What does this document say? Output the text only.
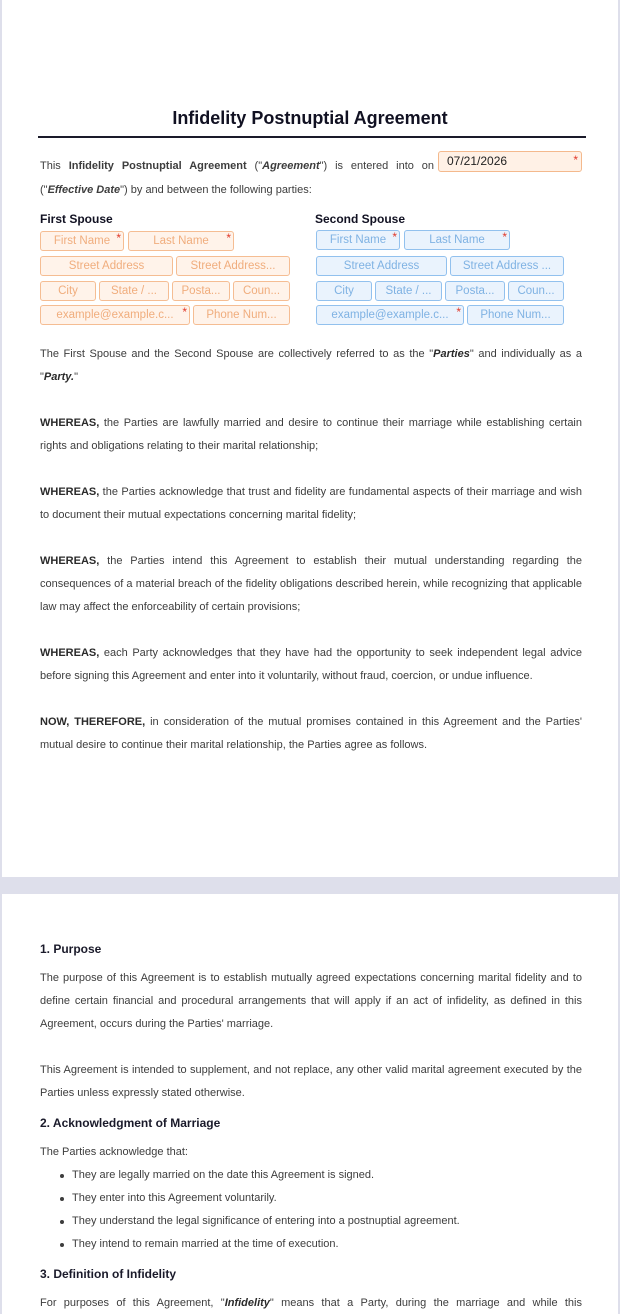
Infidelity Postnuptial Agreement
This Infidelity Postnuptial Agreement ("Agreement") is entered into on	07/21/2026	*
("Effective Date") by and between the following parties:
First Spouse
First Name *	Last Name *
Street Address	Street Address...
City	State / ...	Posta...	Coun...
example@example.c... *	Phone Num...
Second Spouse
First Name *	Last Name *
Street Address	Street Address ...
City	State / ...	Posta...	Coun...
example@example.c... *	Phone Num...
The First Spouse and the Second Spouse are collectively referred to as the "Parties" and individually as a "Party."
WHEREAS, the Parties are lawfully married and desire to continue their marriage while establishing certain rights and obligations relating to their marital relationship;
WHEREAS, the Parties acknowledge that trust and fidelity are fundamental aspects of their marriage and wish to document their mutual expectations concerning marital fidelity;
WHEREAS, the Parties intend this Agreement to establish their mutual understanding regarding the consequences of a material breach of the fidelity obligations described herein, while recognizing that applicable law may affect the enforceability of certain provisions;
WHEREAS, each Party acknowledges that they have had the opportunity to seek independent legal advice before signing this Agreement and enter into it voluntarily, without fraud, coercion, or undue influence.
NOW, THEREFORE, in consideration of the mutual promises contained in this Agreement and the Parties' mutual desire to continue their marital relationship, the Parties agree as follows.
1. Purpose
The purpose of this Agreement is to establish mutually agreed expectations concerning marital fidelity and to define certain financial and procedural arrangements that will apply if an act of infidelity, as defined in this Agreement, occurs during the Parties' marriage.
This Agreement is intended to supplement, and not replace, any other valid marital agreement executed by the Parties unless expressly stated otherwise.
2. Acknowledgment of Marriage
The Parties acknowledge that:
3. Definition of Infidelity
For purposes of this Agreement, "Infidelity" means that a Party, during the marriage and while this
They are legally married on the date this Agreement is signed.
They enter into this Agreement voluntarily.
They understand the legal significance of entering into a postnuptial agreement.
They intend to remain married at the time of execution.
